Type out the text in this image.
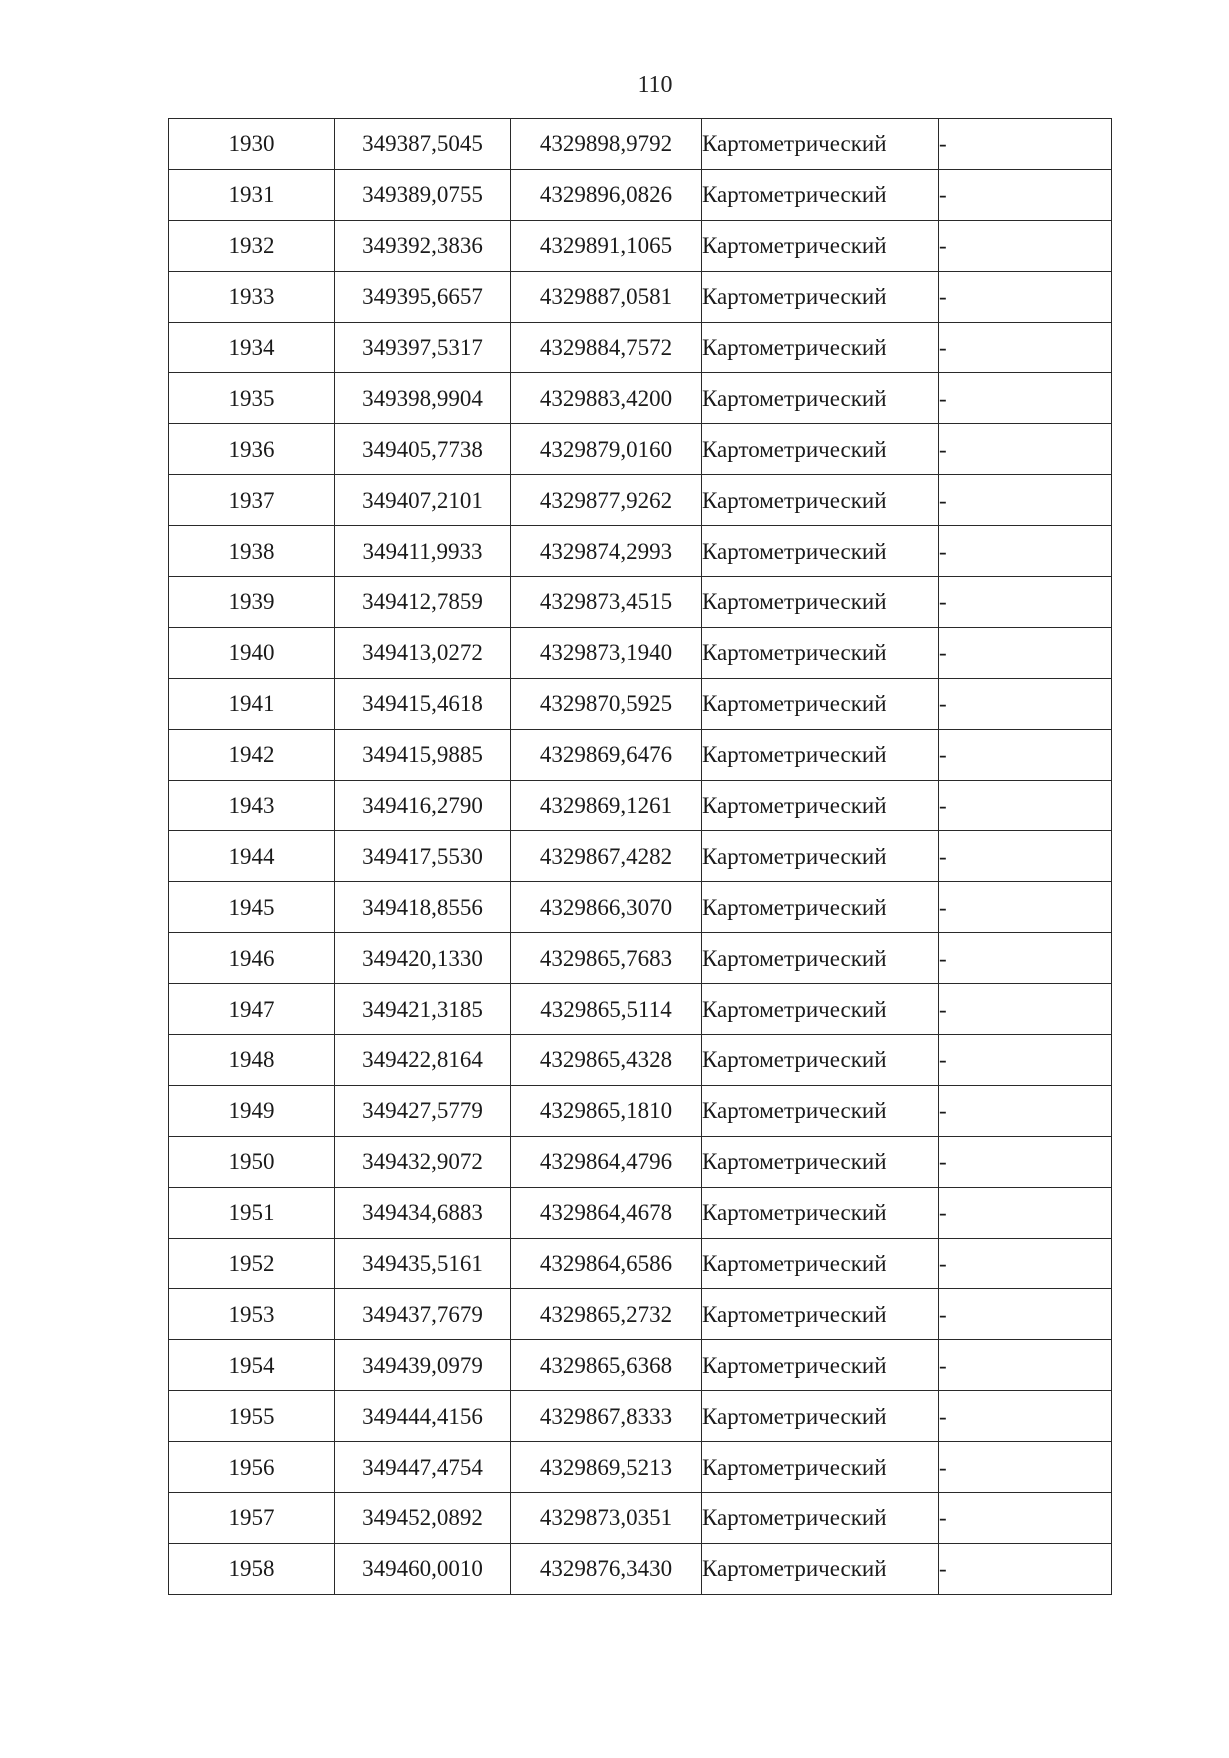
110
1930	349387,5045	4329898,9792	Картометрический	-
1931	349389,0755	4329896,0826	Картометрический	-
1932	349392,3836	4329891,1065	Картометрический	-
1933	349395,6657	4329887,0581	Картометрический	-
1934	349397,5317	4329884,7572	Картометрический	-
1935	349398,9904	4329883,4200	Картометрический	-
1936	349405,7738	4329879,0160	Картометрический	-
1937	349407,2101	4329877,9262	Картометрический	-
1938	349411,9933	4329874,2993	Картометрический	-
1939	349412,7859	4329873,4515	Картометрический	-
1940	349413,0272	4329873,1940	Картометрический	-
1941	349415,4618	4329870,5925	Картометрический	-
1942	349415,9885	4329869,6476	Картометрический	-
1943	349416,2790	4329869,1261	Картометрический	-
1944	349417,5530	4329867,4282	Картометрический	-
1945	349418,8556	4329866,3070	Картометрический	-
1946	349420,1330	4329865,7683	Картометрический	-
1947	349421,3185	4329865,5114	Картометрический	-
1948	349422,8164	4329865,4328	Картометрический	-
1949	349427,5779	4329865,1810	Картометрический	-
1950	349432,9072	4329864,4796	Картометрический	-
1951	349434,6883	4329864,4678	Картометрический	-
1952	349435,5161	4329864,6586	Картометрический	-
1953	349437,7679	4329865,2732	Картометрический	-
1954	349439,0979	4329865,6368	Картометрический	-
1955	349444,4156	4329867,8333	Картометрический	-
1956	349447,4754	4329869,5213	Картометрический	-
1957	349452,0892	4329873,0351	Картометрический	-
1958	349460,0010	4329876,3430	Картометрический	-
